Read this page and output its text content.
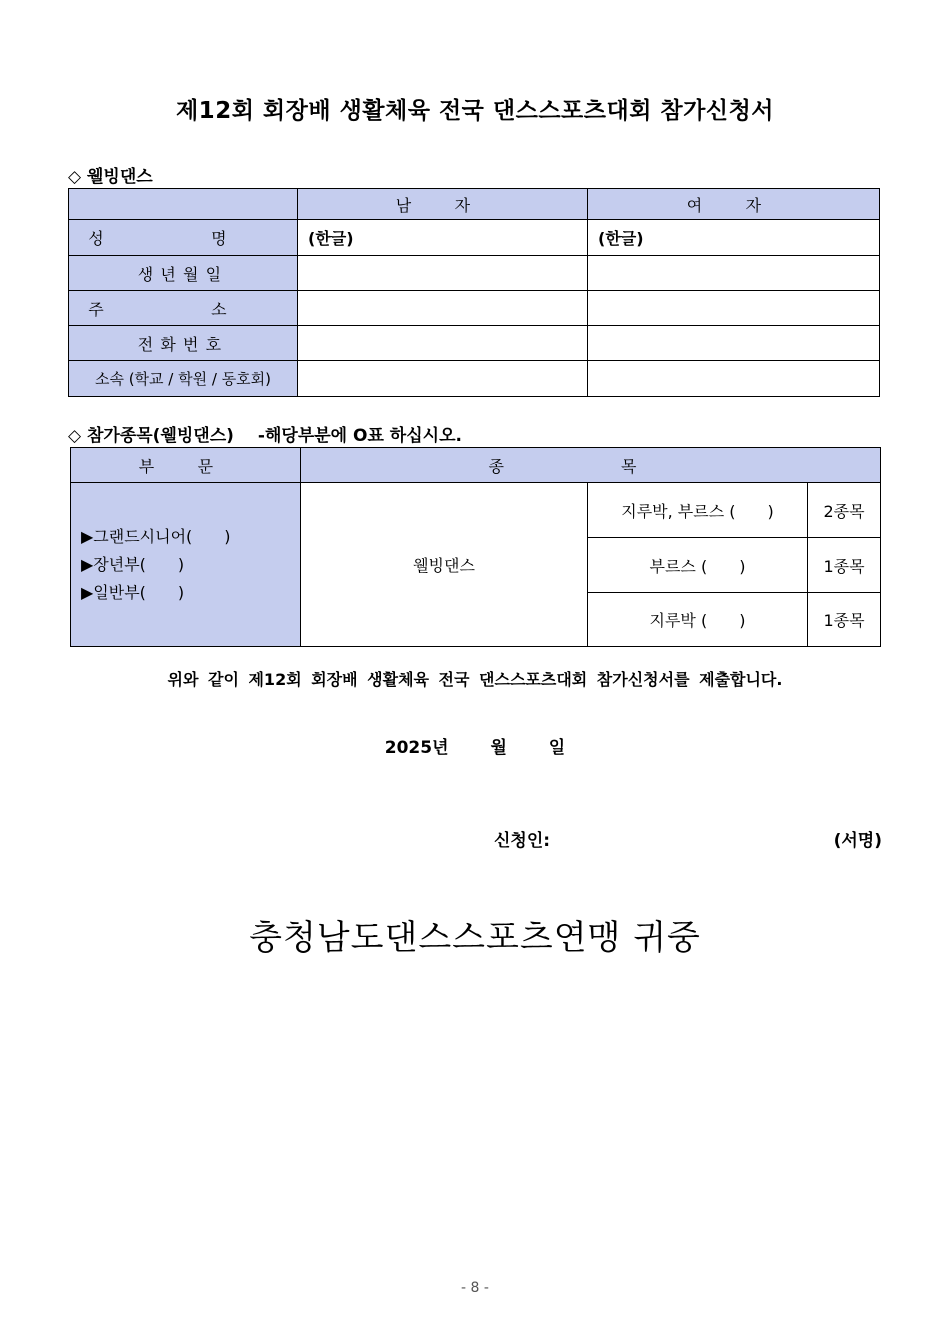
제12회 회장배 생활체육 전국 댄스스포츠대회 참가신청서
◇ 웰빙댄스
	남 자	여 자
성 명	(한글)	(한글)
생년월일		
주 소		
전화번호		
소속 (학교 / 학원 / 동호회)		
◇ 참가종목(웰빙댄스) -해당부분에 O표 하십시오.
부 문	종 목		

▶그랜드시니어(　　)
▶장년부(　　)
▶일반부(　　)	웰빙댄스	지루박, 부르스 (　　)	2종목
		부르스 (　　)	1종목
		지루박 (　　)	1종목
위와 같이 제12회 회장배 생활체육 전국 댄스스포츠대회 참가신청서를 제출합니다.
2025년 월 일
신청인:	(서명)
충청남도댄스스포츠연맹 귀중
- 8 -
